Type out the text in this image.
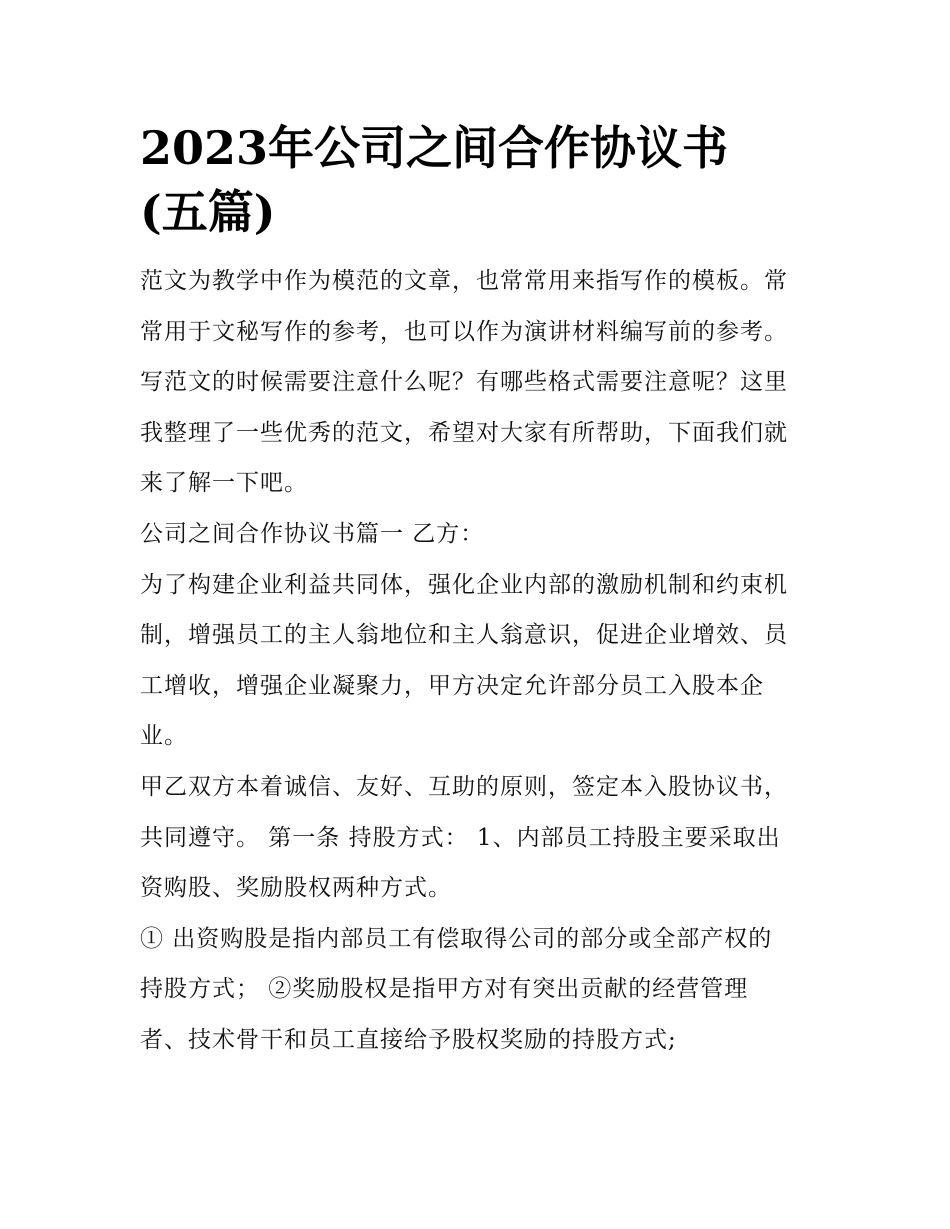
2023年公司之间合作协议书
(五篇)

范文为教学中作为模范的文章，也常常用来指写作的模板。常
常用于文秘写作的参考，也可以作为演讲材料编写前的参考。
写范文的时候需要注意什么呢？有哪些格式需要注意呢？这里
我整理了一些优秀的范文，希望对大家有所帮助，下面我们就
来了解一下吧。

公司之间合作协议书篇一 乙方：

为了构建企业利益共同体，强化企业内部的激励机制和约束机
制，增强员工的主人翁地位和主人翁意识，促进企业增效、员
工增收，增强企业凝聚力，甲方决定允许部分员工入股本企
业。

甲乙双方本着诚信、友好、互助的原则，签定本入股协议书，
共同遵守。 第一条 持股方式： 1、内部员工持股主要采取出
资购股、奖励股权两种方式。

① 出资购股是指内部员工有偿取得公司的部分或全部产权的
持股方式； ②奖励股权是指甲方对有突出贡献的经营管理
者、技术骨干和员工直接给予股权奖励的持股方式;
